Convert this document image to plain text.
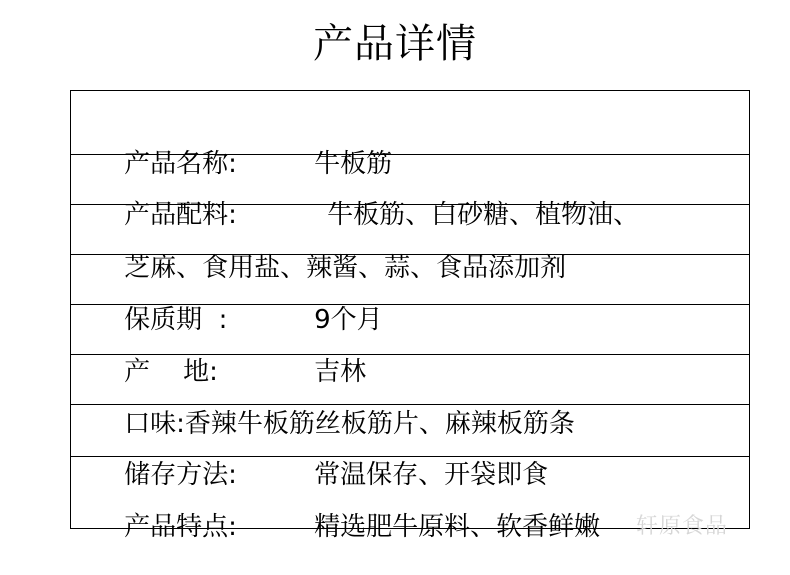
产品详情

产品名称:	牛板筋

产品配料:	牛板筋、白砂糖、植物油、

芝麻、食用盐、辣酱、蒜、食品添加剂

保质期  :	9个月

产    地:	吉林

口味:香辣牛板筋丝板筋片、麻辣板筋条

储存方法:	常温保存、开袋即食

产品特点:	精选肥牛原料、软香鲜嫩
轩原食品
